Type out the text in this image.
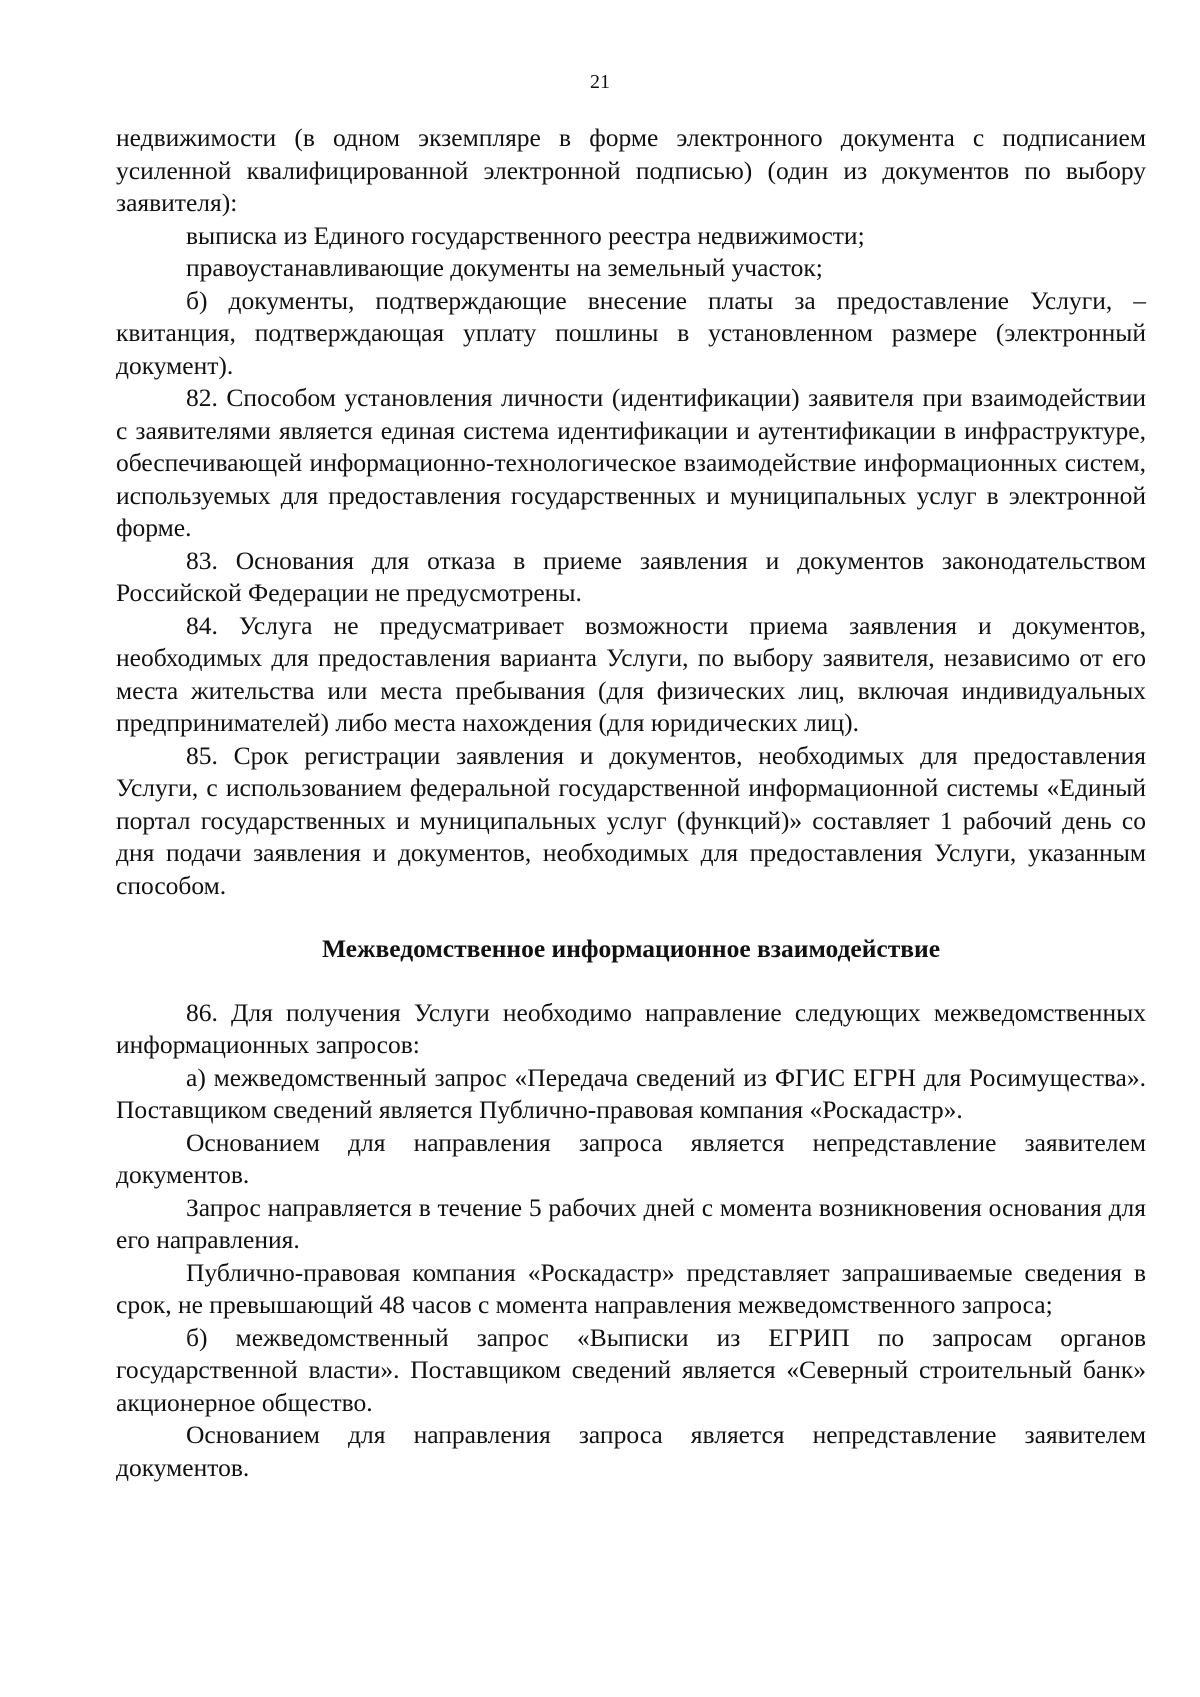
21

недвижимости (в одном экземпляре в форме электронного документа с подписанием усиленной квалифицированной электронной подписью) (один из документов по выбору заявителя):

выписка из Единого государственного реестра недвижимости;

правоустанавливающие документы на земельный участок;

б) документы, подтверждающие внесение платы за предоставление Услуги, – квитанция, подтверждающая уплату пошлины в установленном размере (электронный документ).

82. Способом установления личности (идентификации) заявителя при взаимодействии с заявителями является единая система идентификации и аутентификации в инфраструктуре, обеспечивающей информационно-технологическое взаимодействие информационных систем, используемых для предоставления государственных и муниципальных услуг в электронной форме.

83. Основания для отказа в приеме заявления и документов законодательством Российской Федерации не предусмотрены.

84. Услуга не предусматривает возможности приема заявления и документов, необходимых для предоставления варианта Услуги, по выбору заявителя, независимо от его места жительства или места пребывания (для физических лиц, включая индивидуальных предпринимателей) либо места нахождения (для юридических лиц).

85. Срок регистрации заявления и документов, необходимых для предоставления Услуги, с использованием федеральной государственной информационной системы «Единый портал государственных и муниципальных услуг (функций)» составляет 1 рабочий день со дня подачи заявления и документов, необходимых для предоставления Услуги, указанным способом.

Межведомственное информационное взаимодействие

86. Для получения Услуги необходимо направление следующих межведомственных информационных запросов:

а) межведомственный запрос «Передача сведений из ФГИС ЕГРН для Росимущества». Поставщиком сведений является Публично-правовая компания «Роскадастр».

Основанием для направления запроса является непредставление заявителем документов.

Запрос направляется в течение 5 рабочих дней с момента возникновения основания для его направления.

Публично-правовая компания «Роскадастр» представляет запрашиваемые сведения в срок, не превышающий 48 часов с момента направления межведомственного запроса;

б) межведомственный запрос «Выписки из ЕГРИП по запросам органов государственной власти». Поставщиком сведений является «Северный строительный банк» акционерное общество.

Основанием для направления запроса является непредставление заявителем документов.
